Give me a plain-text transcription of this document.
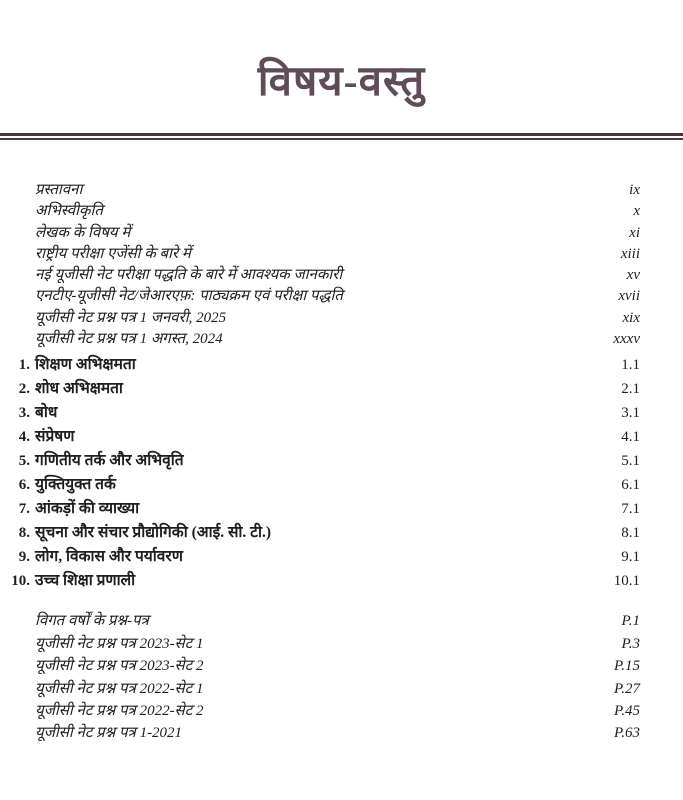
विषय-वस्तु
प्रस्तावना	ix
अभिस्वीकृति	x
लेखक के विषय में	xi
राष्ट्रीय परीक्षा एजेंसी के बारे में	xiii
नई यूजीसी नेट परीक्षा पद्धति के बारे में आवश्यक जानकारी	xv
एनटीए-यूजीसी नेट/जेआरएफ़: पाठ्यक्रम एवं परीक्षा पद्धति	xvii
यूजीसी नेट प्रश्न पत्र 1 जनवरी, 2025	xix
यूजीसी नेट प्रश्न पत्र 1 अगस्त, 2024	xxxv
1. शिक्षण अभिक्षमता	1.1
2. शोध अभिक्षमता	2.1
3. बोध	3.1
4. संप्रेषण	4.1
5. गणितीय तर्क और अभिवृति	5.1
6. युक्तियुक्त तर्क	6.1
7. आंकड़ों की व्याख्या	7.1
8. सूचना और संचार प्रौद्योगिकी (आई. सी. टी.)	8.1
9. लोग, विकास और पर्यावरण	9.1
10. उच्च शिक्षा प्रणाली	10.1
विगत वर्षों के प्रश्न-पत्र	P.1
यूजीसी नेट प्रश्न पत्र 2023-सेट 1	P.3
यूजीसी नेट प्रश्न पत्र 2023-सेट 2	P.15
यूजीसी नेट प्रश्न पत्र 2022-सेट 1	P.27
यूजीसी नेट प्रश्न पत्र 2022-सेट 2	P.45
यूजीसी नेट प्रश्न पत्र 1-2021	P.63
